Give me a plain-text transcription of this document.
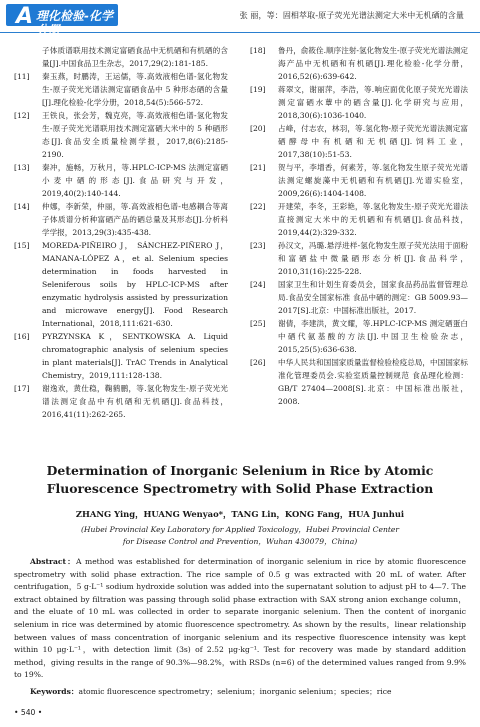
A 理化检验-化学分册
张 丽，等：固相萃取-原子荧光光谱法测定大米中无机硒的含量
子体质谱联用技术测定富硒食品中无机硒和有机硒的含量[J].中国食品卫生杂志，2017,29(2):181-185.
[11]	秦玉燕，时鹏涛，王运儒，等.高效液相色谱-氢化物发生-原子荧光光谱法测定富硒食品中 5 种形态硒的含量[J].理化检验-化学分册，2018,54(5):566-572.
[12]	王铁良，张会芳，魏克亮，等.高效液相色谱-氢化物发生-原子荧光光谱联用技术测定富硒大米中的 5 种硒形态[J].食品安全质量检测学报，2017,8(6):2185-2190.
[13]	秦冲，施畅，万秋月，等.HPLC-ICP-MS 法测定富硒小麦中硒的形态[J].食品研究与开发，2019,40(2):140-144.
[14]	仲娜，李新荣，仲丽，等.高效液相色谱-电感耦合等离子体质谱分析种富硒产品的硒总量及其形态[J].分析科学学报，2013,29(3):435-438.
[15]	MOREDA-PIÑEIRO J， SÁNCHEZ-PIÑERO J， MANANA-LÓPEZ A，et al. Selenium species determination in foods harvested in Seleniferous soils by HPLC-ICP-MS after enzymatic hydrolysis assisted by pressurization and microwave energy[J]. Food Research International，2018,111:621-630.
[16]	PYRZYNSKA K，SENTKOWSKA A. Liquid chromatographic analysis of selenium species in plant materials[J]. TrAC Trends in Analytical Chemistry，2019,111:128-138.
[17]	谢逸欢，黄仕稳，鞠鹤鹏，等.氢化物发生-原子荧光光谱法测定食品中有机硒和无机硒[J].食品科技，2016,41(11):262-265.
[18]	鲁丹，俞筱佺.顺序注射-氢化物发生-原子荧光光谱法测定海产品中无机硒和有机硒[J].理化检验-化学分册，2016,52(6):639-642.
[19]	蒋翠文，谢丽萍，李浩，等.响应面优化原子荧光光谱法测定富硒水蕈中的硒含量[J].化学研究与应用，2018,30(6):1036-1040.
[20]	占峰，付志农，林羽，等.氢化物-原子荧光光谱法测定富硒酵母中有机硒和无机硒[J].饲料工业，2017,38(10):51-53.
[21]	贺与平，李增香，何素芳，等.氢化物发生原子荧光光谱法测定螺旋藻中无机硒和有机硒[J].光谱实验室，2009,26(6):1404-1408.
[22]	开建荣，李冬，王彩艳，等.氢化物发生-原子荧光光谱法直接测定大米中的无机硒和有机硒[J].食品科技，2019,44(2):329-332.
[23]	孙汉文，冯璐.悬浮进样-氢化物发生原子荧光法用于面粉和富硒盐中微量硒形态分析[J].食品科学，2010,31(16):225-228.
[24]	国家卫生和计划生育委员会，国家食品药品监督管理总局.食品安全国家标准 食品中硒的测定：GB 5009.93—2017[S].北京：中国标准出版社，2017.
[25]	谢倩，李建洪，黄文耀，等.HPLC-ICP-MS 测定硒蛋白中硒代氨基酸的方法[J].中国卫生检验杂志，2015,25(5):636-638.
[26]	中华人民共和国国家质量监督检验检疫总局，中国国家标准化管理委员会.实验室质量控制规范 食品理化检测：GB/T 27404—2008[S].北京：中国标准出版社，2008.
Determination of Inorganic Selenium in Rice by Atomic Fluorescence Spectrometry with Solid Phase Extraction
ZHANG Ying，HUANG Wenyao*，TANG Lin，KONG Fang，HUA Junhui
(Hubei Provincial Key Laboratory for Applied Toxicology，Hubei Provincial Center
for Disease Control and Prevention，Wuhan 430079，China)
Abstract：A method was established for determination of inorganic selenium in rice by atomic fluorescence spectrometry with solid phase extraction. The rice sample of 0.5 g was extracted with 20 mL of water. After centrifugation，5 g·L⁻¹ sodium hydroxide solution was added into the supernatant solution to adjust pH to 4—7. The extract obtained by filtration was passing through solid phase extraction with SAX strong anion exchange column，and the eluate of 10 mL was collected in order to separate inorganic selenium. Then the content of inorganic selenium in rice was determined by atomic fluorescence spectrometry. As shown by the results，linear relationship between values of mass concentration of inorganic selenium and its respective fluorescence intensity was kept within 10 μg·L⁻¹，with detection limit (3s) of 2.52 μg·kg⁻¹. Test for recovery was made by standard addition method，giving results in the range of 90.3%—98.2%，with RSDs (n=6) of the determined values ranged from 9.9% to 19%.
Keywords：atomic fluorescence spectrometry；selenium；inorganic selenium；species；rice
• 540 •
